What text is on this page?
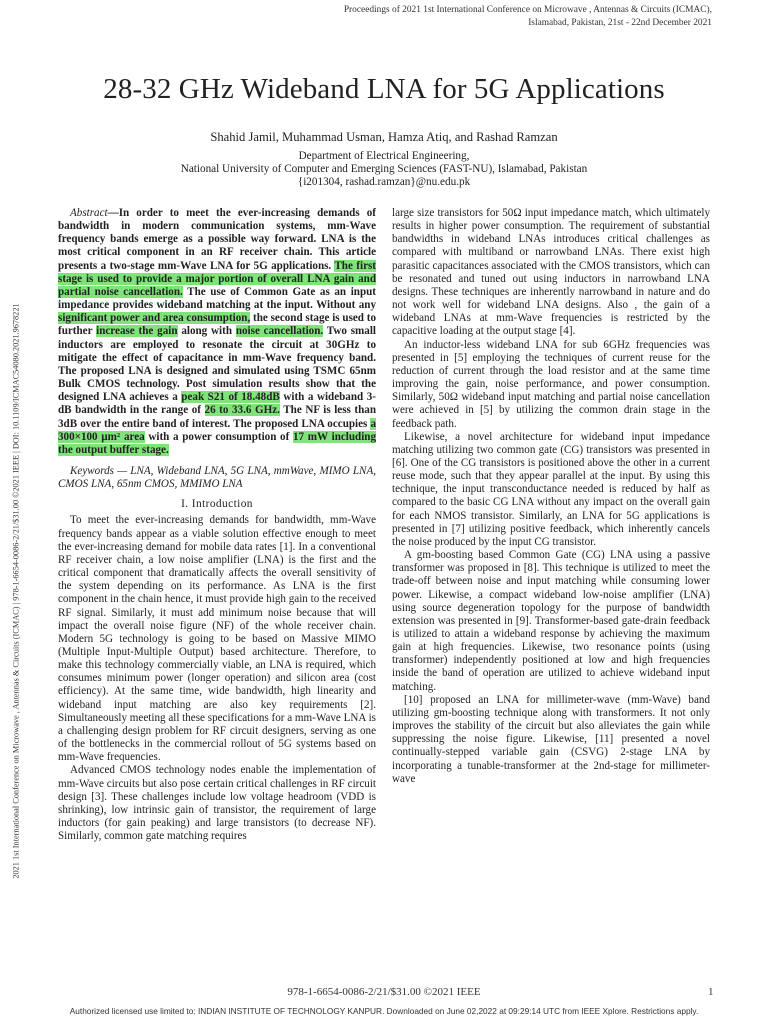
Proceedings of 2021 1st International Conference on Microwave , Antennas & Circuits (ICMAC),
Islamabad, Pakistan, 21st - 22nd December 2021
28-32 GHz Wideband LNA for 5G Applications
Shahid Jamil, Muhammad Usman, Hamza Atiq, and Rashad Ramzan
Department of Electrical Engineering,
National University of Computer and Emerging Sciences (FAST-NU), Islamabad, Pakistan
{i201304, rashad.ramzan}@nu.edu.pk
2021 1st International Conference on Microwave , Antennas & Circuits (ICMAC) | 978-1-6654-0086-2/21/$31.00 ©2021 IEEE | DOI: 10.1109/ICMAC54080.2021.9678221

Abstract—In order to meet the ever-increasing demands of bandwidth in modern communication systems, mm-Wave frequency bands emerge as a possible way forward. LNA is the most critical component in an RF receiver chain. This article presents a two-stage mm-Wave LNA for 5G applications. The first stage is used to provide a major portion of overall LNA gain and partial noise cancellation. The use of Common Gate as an input impedance provides wideband matching at the input. Without any significant power and area consumption, the second stage is used to further increase the gain along with noise cancellation. Two small inductors are employed to resonate the circuit at 30GHz to mitigate the effect of capacitance in mm-Wave frequency band. The proposed LNA is designed and simulated using TSMC 65nm Bulk CMOS technology. Post simulation results show that the designed LNA achieves a peak S21 of 18.48dB with a wideband 3-dB bandwidth in the range of 26 to 33.6 GHz. The NF is less than 3dB over the entire band of interest. The proposed LNA occupies a 300×100 µm² area with a power consumption of 17 mW including the output buffer stage.

Keywords — LNA, Wideband LNA, 5G LNA, mmWave, MIMO LNA, CMOS LNA, 65nm CMOS, MMIMO LNA

I. Introduction

To meet the ever-increasing demands for bandwidth, mm-Wave frequency bands appear as a viable solution effective enough to meet the ever-increasing demand for mobile data rates [1]. In a conventional RF receiver chain, a low noise amplifier (LNA) is the first and the critical component that dramatically affects the overall sensitivity of the system depending on its performance. As LNA is the first component in the chain hence, it must provide high gain to the received RF signal. Similarly, it must add minimum noise because that will impact the overall noise figure (NF) of the whole receiver chain. Modern 5G technology is going to be based on Massive MIMO (Multiple Input-Multiple Output) based architecture. Therefore, to make this technology commercially viable, an LNA is required, which consumes minimum power (longer operation) and silicon area (cost efficiency). At the same time, wide bandwidth, high linearity and wideband input matching are also key requirements [2]. Simultaneously meeting all these specifications for a mm-Wave LNA is a challenging design problem for RF circuit designers, serving as one of the bottlenecks in the commercial rollout of 5G systems based on mm-Wave frequencies.

Advanced CMOS technology nodes enable the implementation of mm-Wave circuits but also pose certain critical challenges in RF circuit design [3]. These challenges include low voltage headroom (VDD is shrinking), low intrinsic gain of transistor, the requirement of large inductors (for gain peaking) and large transistors (to decrease NF). Similarly, common gate matching requires

large size transistors for 50Ω input impedance match, which ultimately results in higher power consumption. The requirement of substantial bandwidths in wideband LNAs introduces critical challenges as compared with multiband or narrowband LNAs. There exist high parasitic capacitances associated with the CMOS transistors, which can be resonated and tuned out using inductors in narrowband LNA designs. These techniques are inherently narrowband in nature and do not work well for wideband LNA designs. Also , the gain of a wideband LNAs at mm-Wave frequencies is restricted by the capacitive loading at the output stage [4].

An inductor-less wideband LNA for sub 6GHz frequencies was presented in [5] employing the techniques of current reuse for the reduction of current through the load resistor and at the same time improving the gain, noise performance, and power consumption. Similarly, 50Ω wideband input matching and partial noise cancellation were achieved in [5] by utilizing the common drain stage in the feedback path.

Likewise, a novel architecture for wideband input impedance matching utilizing two common gate (CG) transistors was presented in [6]. One of the CG transistors is positioned above the other in a current reuse mode, such that they appear parallel at the input. By using this technique, the input transconductance needed is reduced by half as compared to the basic CG LNA without any impact on the overall gain for each NMOS transistor. Similarly, an LNA for 5G applications is presented in [7] utilizing positive feedback, which inherently cancels the noise produced by the input CG transistor.

A gm-boosting based Common Gate (CG) LNA using a passive transformer was proposed in [8]. This technique is utilized to meet the trade-off between noise and input matching while consuming lower power. Likewise, a compact wideband low-noise amplifier (LNA) using source degeneration topology for the purpose of bandwidth extension was presented in [9]. Transformer-based gate-drain feedback is utilized to attain a wideband response by achieving the maximum gain at high frequencies. Likewise, two resonance points (using transformer) independently positioned at low and high frequencies inside the band of operation are utilized to achieve wideband input matching.

[10] proposed an LNA for millimeter-wave (mm-Wave) band utilizing gm-boosting technique along with transformers. It not only improves the stability of the circuit but also alleviates the gain while suppressing the noise figure. Likewise, [11] presented a novel continually-stepped variable gain (CSVG) 2-stage LNA by incorporating a tunable-transformer at the 2nd-stage for millimeter-wave

978-1-6654-0086-2/21/$31.00 ©2021 IEEE	1
Authorized licensed use limited to: INDIAN INSTITUTE OF TECHNOLOGY KANPUR. Downloaded on June 02,2022 at 09:29:14 UTC from IEEE Xplore. Restrictions apply.
